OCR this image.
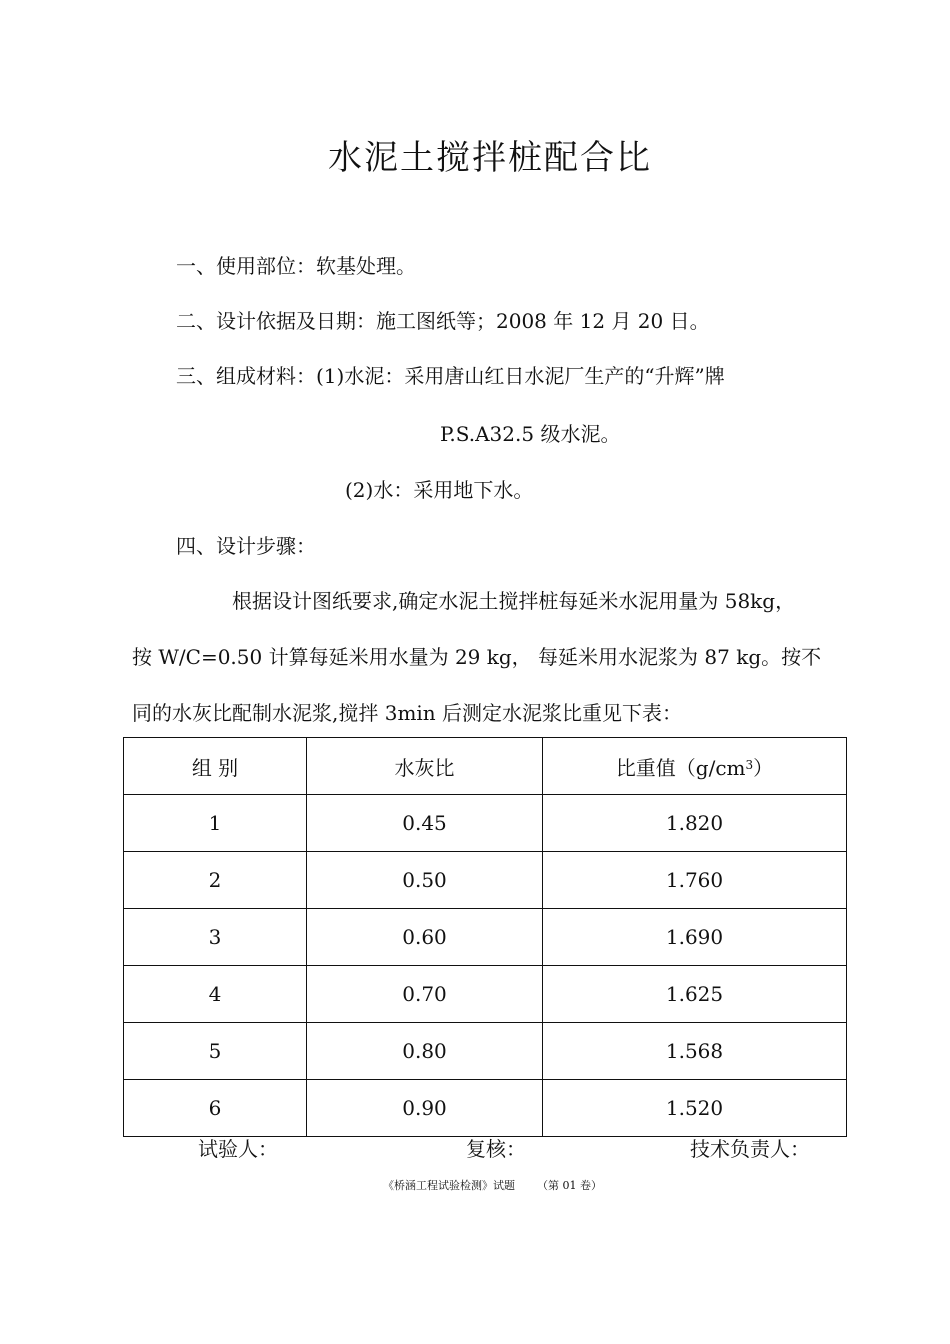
水泥土搅拌桩配合比
一、使用部位：软基处理。
二、设计依据及日期：施工图纸等；2008 年 12 月 20 日。
三、组成材料：(1)水泥：采用唐山红日水泥厂生产的“升辉”牌
P.S.A32.5 级水泥。
(2)水：采用地下水。
四、设计步骤：
根据设计图纸要求,确定水泥土搅拌桩每延米水泥用量为 58kg，
按 W/C=0.50 计算每延米用水量为 29 kg， 每延米用水泥浆为 87 kg。按不
同的水灰比配制水泥浆,搅拌 3min 后测定水泥浆比重见下表：
组 别	水灰比	比重值$(g/cm^3)$
1	0.45	1.820
2	0.50	1.760
3	0.60	1.690
4	0.70	1.625
5	0.80	1.568
6	0.90	1.520
试验人：	复核：	技术负责人：
《桥涵工程试验检测》试题 （第 01 卷）
